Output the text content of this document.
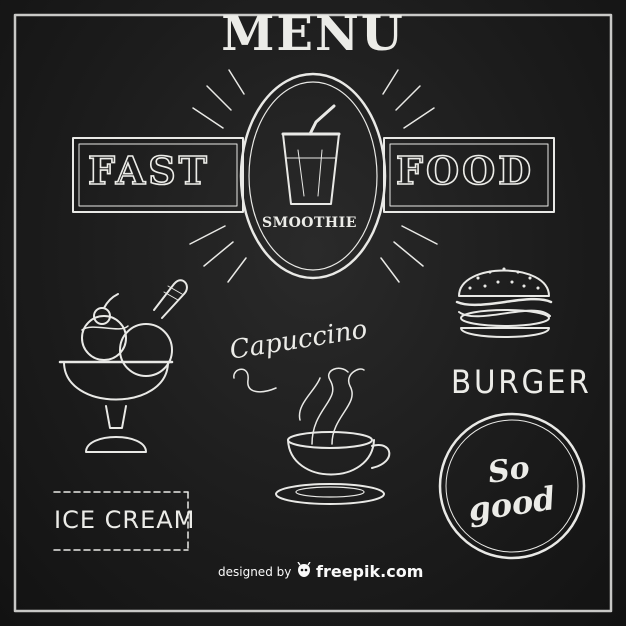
MENU
FAST	FOOD
SMOOTHIE
Capuccino
BURGER
ICE CREAM
So
good
designed by freepik.com
